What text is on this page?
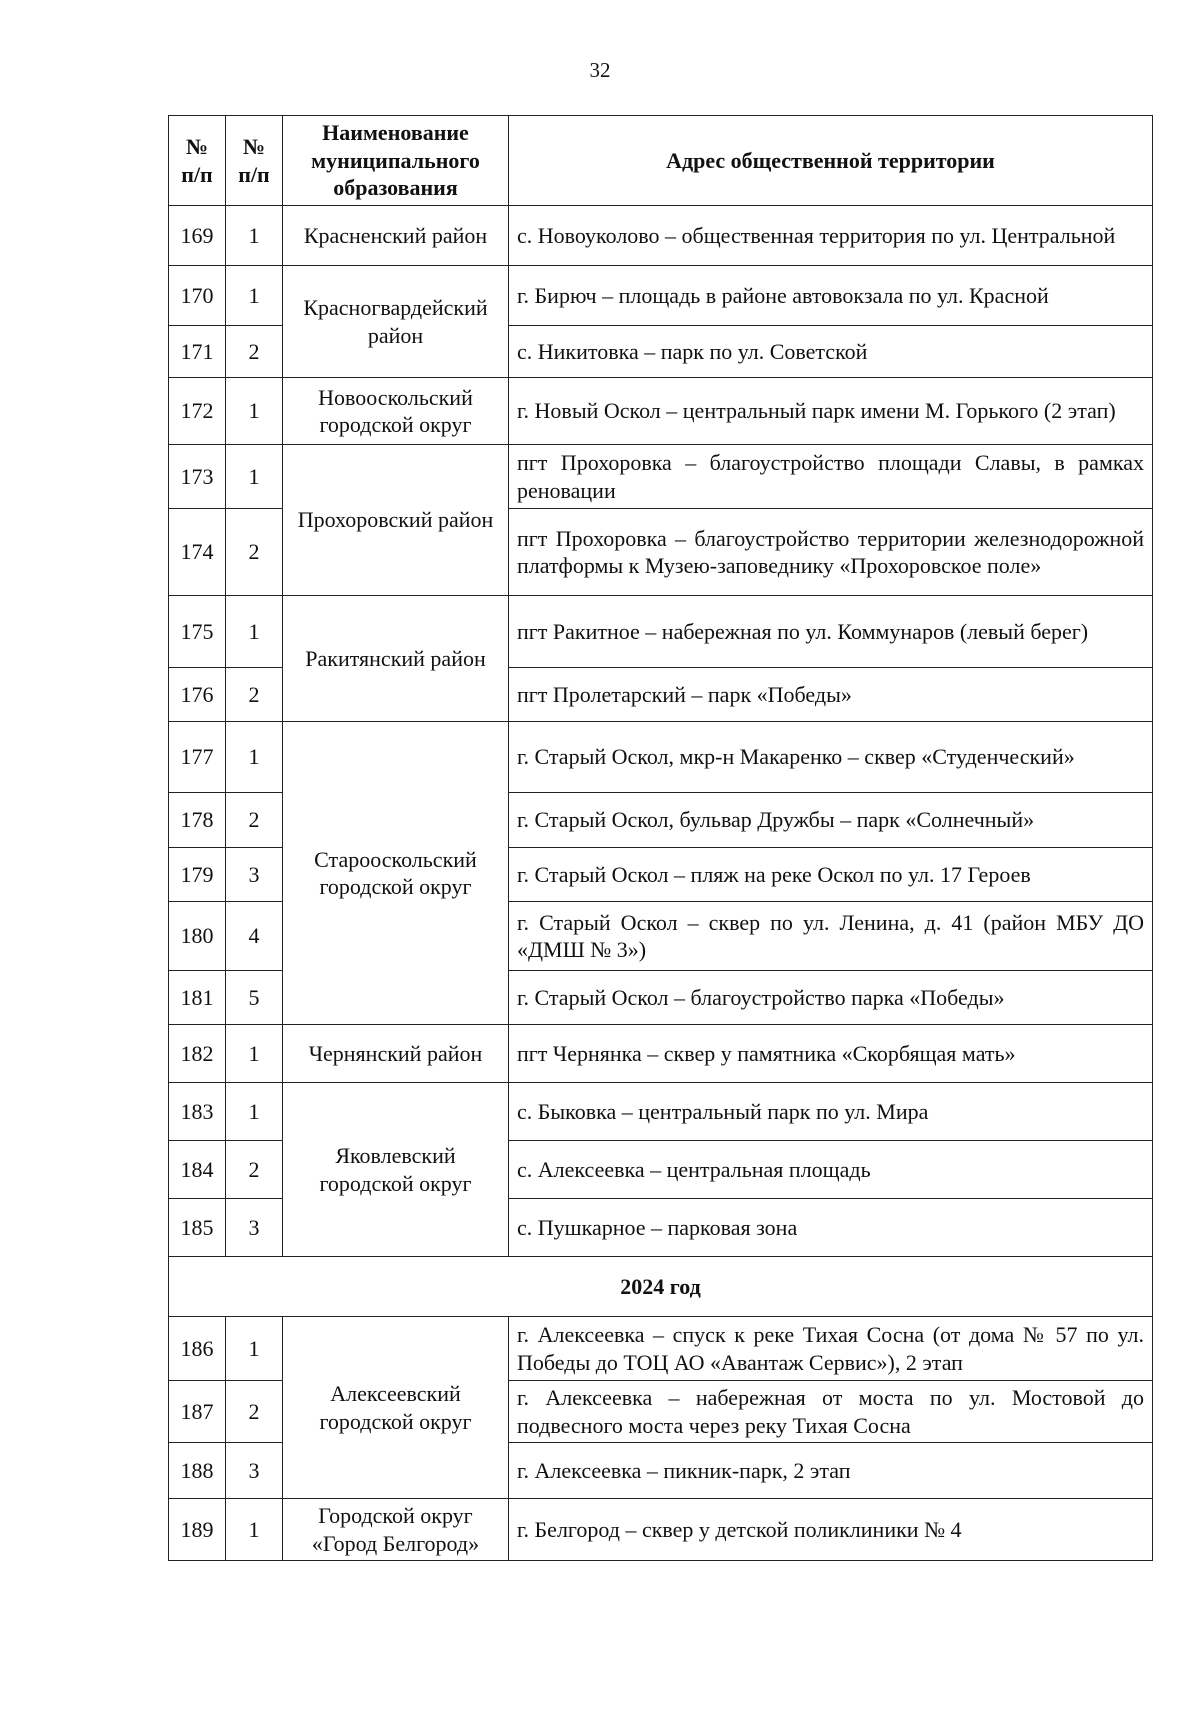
32
№ п/п	№ п/п	Наименование муниципального образования	Адрес общественной территории
169	1	Красненский район	с. Новоуколово – общественная территория по ул. Центральной
170	1	Красногвардейский район	г. Бирюч – площадь в районе автовокзала по ул. Красной
171	2		с. Никитовка – парк по ул. Советской
172	1	Новооскольский городской округ	г. Новый Оскол – центральный парк имени М. Горького (2 этап)
173	1	Прохоровский район	пгт Прохоровка – благоустройство площади Славы, в рамках реновации
174	2		пгт Прохоровка – благоустройство территории железнодорожной платформы к Музею-заповеднику «Прохоровское поле»
175	1	Ракитянский район	пгт Ракитное – набережная по ул. Коммунаров (левый берег)
176	2		пгт Пролетарский – парк «Победы»
177	1	Старооскольский городской округ	г. Старый Оскол, мкр-н Макаренко – сквер «Студенческий»
178	2		г. Старый Оскол, бульвар Дружбы – парк «Солнечный»
179	3		г. Старый Оскол – пляж на реке Оскол по ул. 17 Героев
180	4		г. Старый Оскол – сквер по ул. Ленина, д. 41 (район МБУ ДО «ДМШ № 3»)
181	5		г. Старый Оскол – благоустройство парка «Победы»
182	1	Чернянский район	пгт Чернянка – сквер у памятника «Скорбящая мать»
183	1	Яковлевский городской округ	с. Быковка – центральный парк по ул. Мира
184	2		с. Алексеевка – центральная площадь
185	3		с. Пушкарное – парковая зона
2024 год			
186	1	Алексеевский городской округ	г. Алексеевка – спуск к реке Тихая Сосна (от дома № 57 по ул. Победы до ТОЦ АО «Авантаж Сервис»), 2 этап
187	2		г. Алексеевка – набережная от моста по ул. Мостовой до подвесного моста через реку Тихая Сосна
188	3		г. Алексеевка – пикник-парк, 2 этап
189	1	Городской округ «Город Белгород»	г. Белгород – сквер у детской поликлиники № 4
